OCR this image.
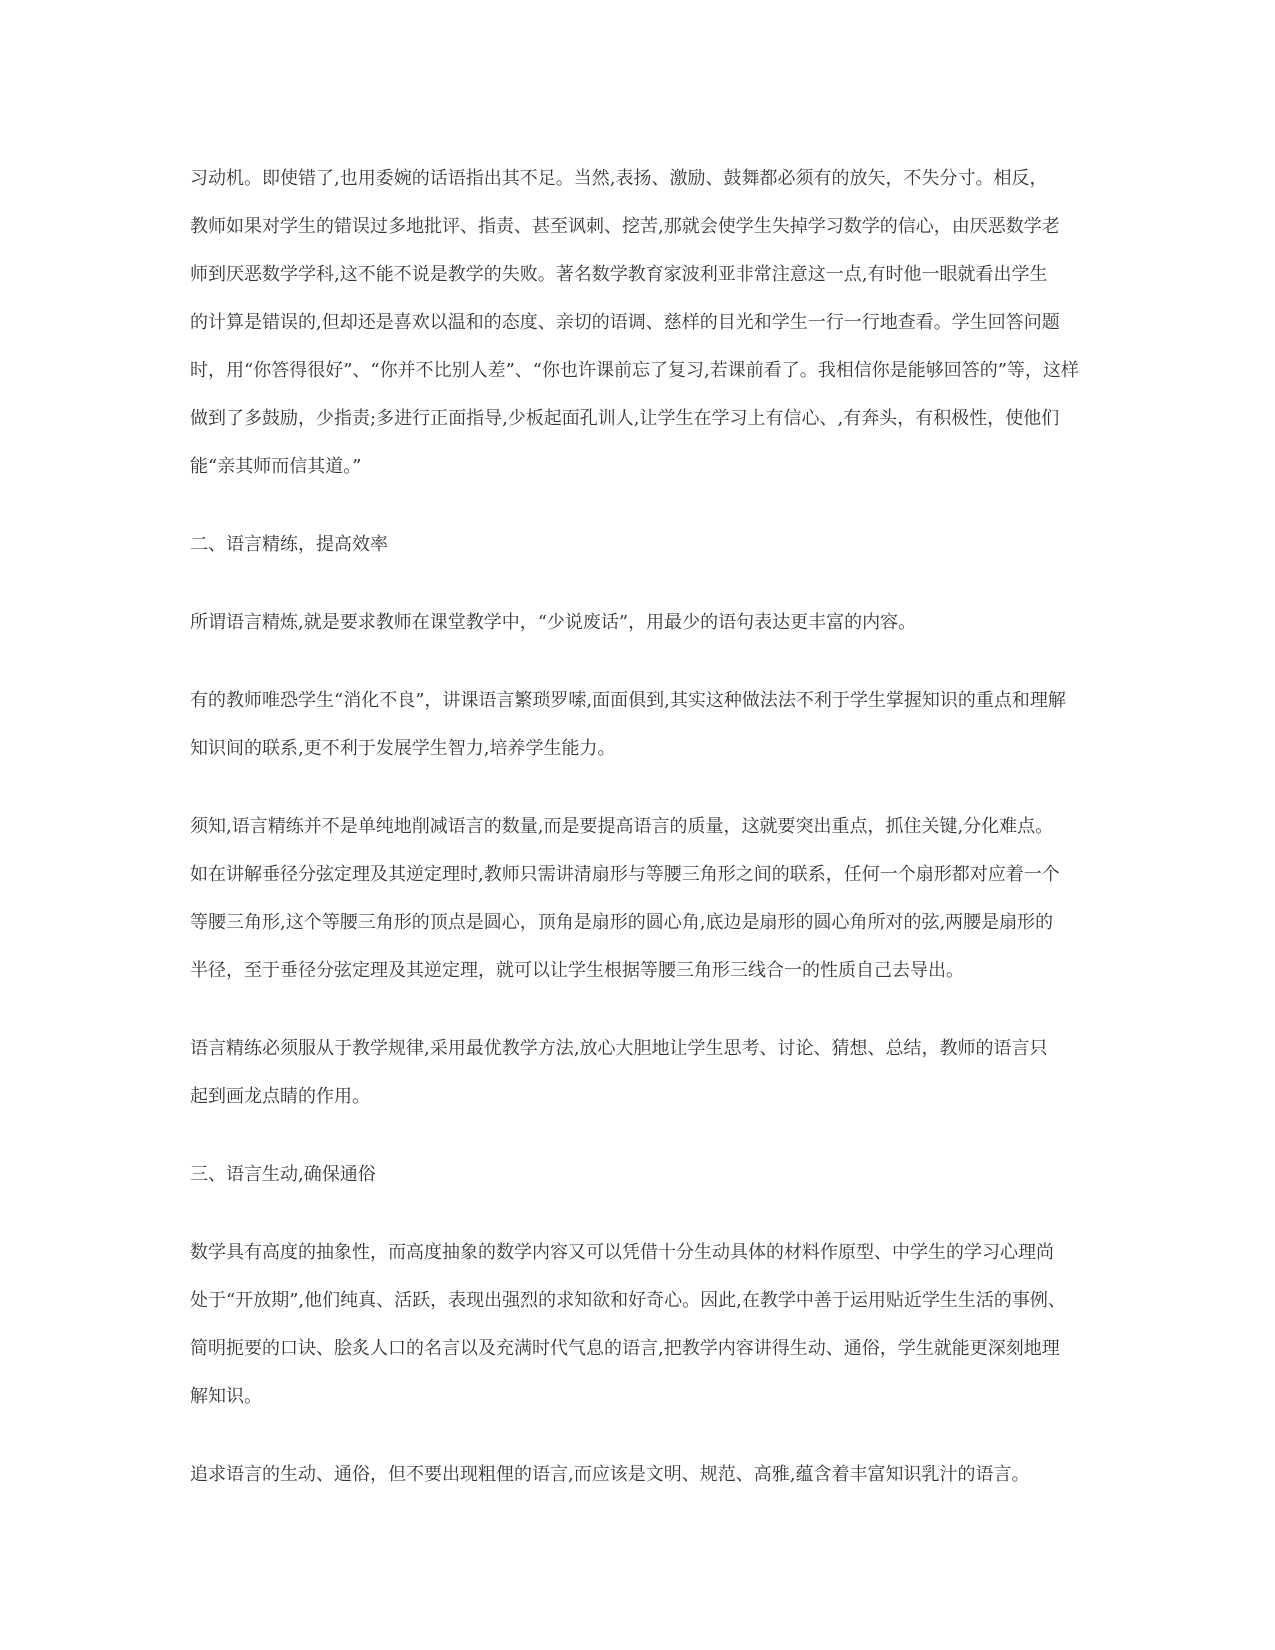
习动机。即使错了,也用委婉的话语指出其不足。当然,表扬、激励、鼓舞都必须有的放矢，不失分寸。相反，
教师如果对学生的错误过多地批评、指责、甚至讽刺、挖苦,那就会使学生失掉学习数学的信心，由厌恶数学老
师到厌恶数学学科,这不能不说是教学的失败。著名数学教育家波利亚非常注意这一点,有时他一眼就看出学生
的计算是错误的,但却还是喜欢以温和的态度、亲切的语调、慈样的目光和学生一行一行地查看。学生回答问题
时，用“你答得很好”、“你并不比别人差”、“你也许课前忘了复习,若课前看了。我相信你是能够回答的”等，这样
做到了多鼓励，少指责;多进行正面指导,少板起面孔训人,让学生在学习上有信心、,有奔头，有积极性，使他们
能“亲其师而信其道。”
二、语言精练，提高效率
所谓语言精炼,就是要求教师在课堂教学中，“少说废话”，用最少的语句表达更丰富的内容。
有的教师唯恐学生“消化不良”，讲课语言繁琐罗嗦,面面俱到,其实这种做法法不利于学生掌握知识的重点和理解
知识间的联系,更不利于发展学生智力,培养学生能力。
须知,语言精练并不是单纯地削减语言的数量,而是要提高语言的质量，这就要突出重点，抓住关键,分化难点。
如在讲解垂径分弦定理及其逆定理时,教师只需讲清扇形与等腰三角形之间的联系，任何一个扇形都对应着一个
等腰三角形,这个等腰三角形的顶点是圆心，顶角是扇形的圆心角,底边是扇形的圆心角所对的弦,两腰是扇形的
半径，至于垂径分弦定理及其逆定理，就可以让学生根据等腰三角形三线合一的性质自己去导出。
语言精练必须服从于教学规律,采用最优教学方法,放心大胆地让学生思考、讨论、猜想、总结，教师的语言只
起到画龙点睛的作用。
三、语言生动,确保通俗
数学具有高度的抽象性，而高度抽象的数学内容又可以凭借十分生动具体的材料作原型、中学生的学习心理尚
处于“开放期”,他们纯真、活跃，表现出强烈的求知欲和好奇心。因此,在教学中善于运用贴近学生生活的事例、
简明扼要的口诀、脍炙人口的名言以及充满时代气息的语言,把教学内容讲得生动、通俗，学生就能更深刻地理
解知识。
追求语言的生动、通俗，但不要出现粗俚的语言,而应该是文明、规范、高雅,蕴含着丰富知识乳汁的语言。
